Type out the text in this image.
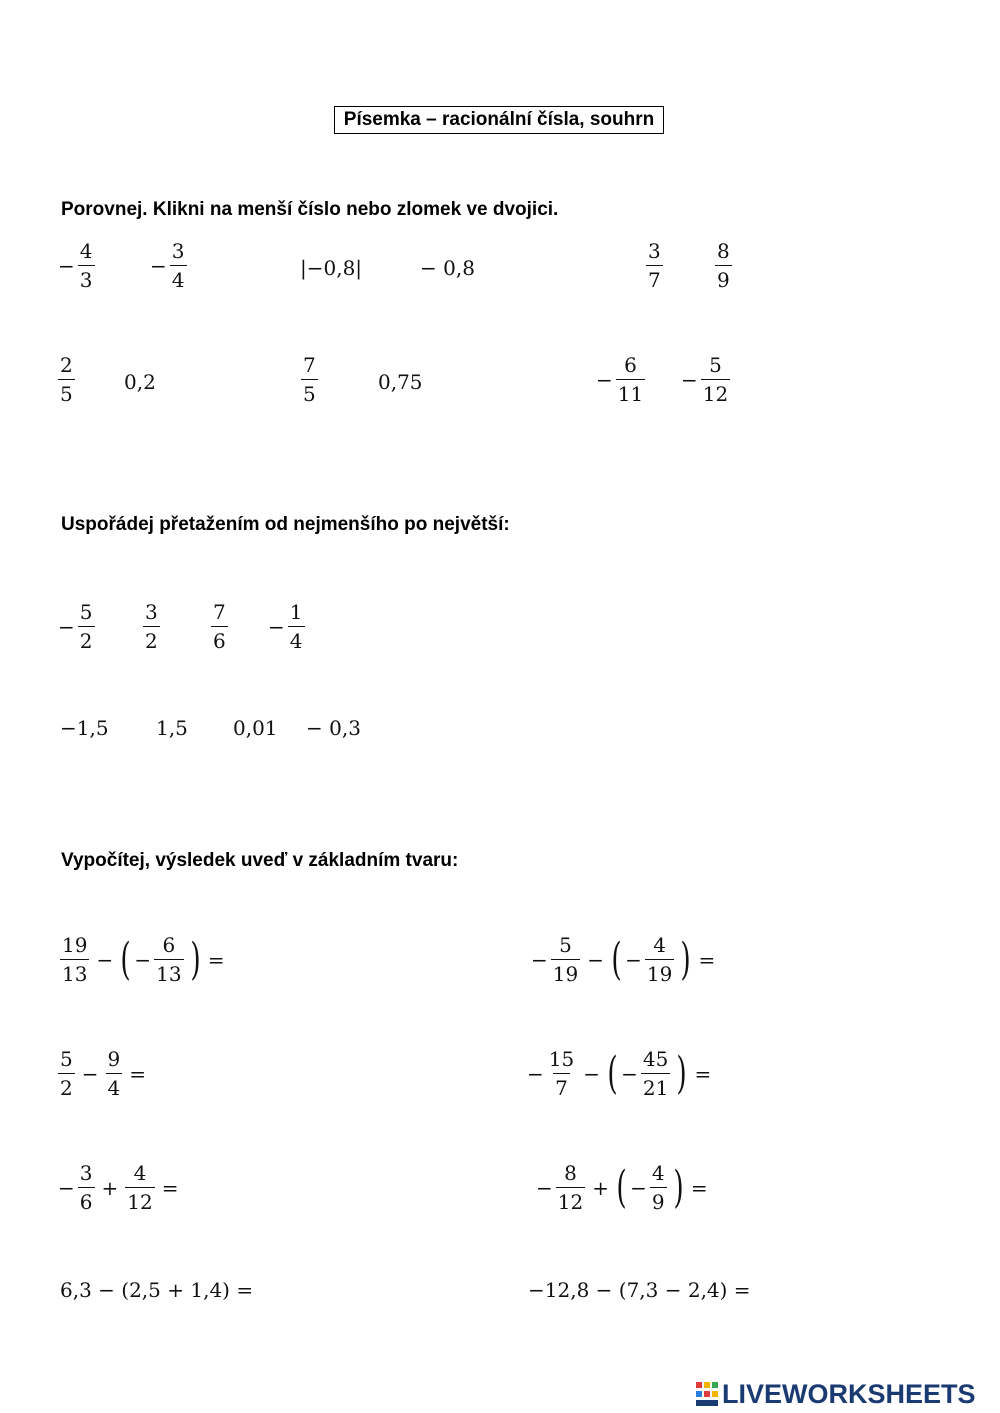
Písemka – racionální čísla, souhrn
Porovnej. Klikni na menší číslo nebo zlomek ve dvojici.
− $\frac{4}{3}$	− $\frac{3}{4}$	|−0,8|	− 0,8	$\frac{3}{7}$	$\frac{8}{9}$
$\frac{2}{5} 0,2$	$\frac{7}{5}$	0,75	− $\frac{6}{11} - \frac{5}{12}$
Uspořádej přetažením od nejmenšího po největší:
− $\frac{5}{2} \frac{3}{2}$	$\frac{7}{6} - \frac{1}{4}$
−1,5 1,5 0,01 − 0,3
Vypočítej, výsledek uveď v základním tvaru:
$\frac{19}{13}$ − ( − $\frac{6}{13}$ ) =	− $\frac{5}{19}$ − ( − $\frac{4}{19}$ ) =
$\frac{5}{2} - \frac{9}{4}$ =	− $\frac{15}{7}$ − ( − $\frac{45}{21}$ ) =
− $\frac{3}{6} + \frac{4}{12}$ =	− $\frac{8}{12}$ + ( − $\frac{4}{9}$ ) =
6,3 − (2,5 + 1,4) =	−12,8 − (7,3 − 2,4) =
LIVEWORKSHEETS
